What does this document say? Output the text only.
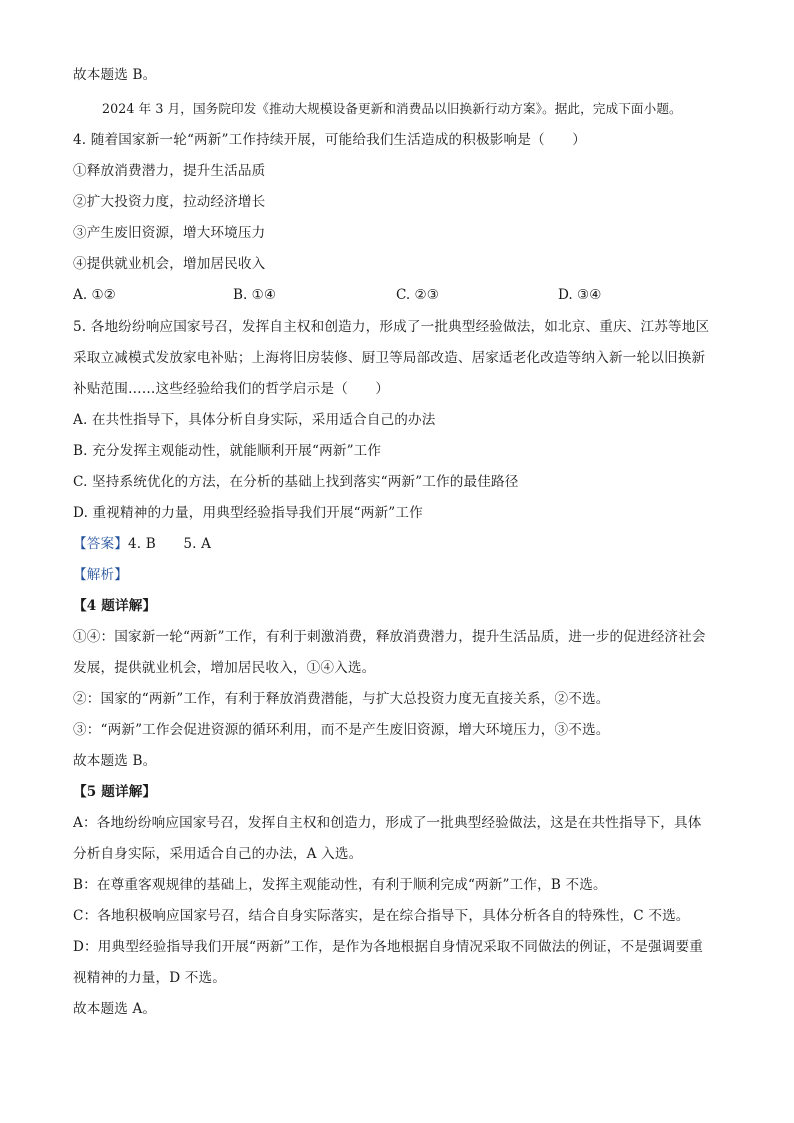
故本题选 B。
2024 年 3 月，国务院印发《推动大规模设备更新和消费品以旧换新行动方案》。据此，完成下面小题。
4. 随着国家新一轮“两新”工作持续开展，可能给我们生活造成的积极影响是（　　）
①释放消费潜力，提升生活品质
②扩大投资力度，拉动经济增长
③产生废旧资源，增大环境压力
④提供就业机会，增加居民收入
A. ①②	B. ①④	C. ②③	D. ③④
5. 各地纷纷响应国家号召，发挥自主权和创造力，形成了一批典型经验做法，如北京、重庆、江苏等地区
采取立减模式发放家电补贴；上海将旧房装修、厨卫等局部改造、居家适老化改造等纳入新一轮以旧换新
补贴范围……这些经验给我们的哲学启示是（　　）
A. 在共性指导下，具体分析自身实际，采用适合自己的办法
B. 充分发挥主观能动性，就能顺利开展“两新”工作
C. 坚持系统优化的方法，在分析的基础上找到落实“两新”工作的最佳路径
D. 重视精神的力量，用典型经验指导我们开展“两新”工作
【答案】4. B　　5. A
【解析】
【4 题详解】
①④：国家新一轮“两新”工作，有利于刺激消费，释放消费潜力，提升生活品质，进一步的促进经济社会
发展，提供就业机会，增加居民收入，①④入选。
②：国家的“两新”工作，有利于释放消费潜能，与扩大总投资力度无直接关系，②不选。
③：“两新”工作会促进资源的循环利用，而不是产生废旧资源，增大环境压力，③不选。
故本题选 B。
【5 题详解】
A：各地纷纷响应国家号召，发挥自主权和创造力，形成了一批典型经验做法，这是在共性指导下，具体
分析自身实际，采用适合自己的办法，A 入选。
B：在尊重客观规律的基础上，发挥主观能动性，有利于顺利完成“两新”工作，B 不选。
C：各地积极响应国家号召，结合自身实际落实，是在综合指导下，具体分析各自的特殊性，C 不选。
D：用典型经验指导我们开展“两新”工作，是作为各地根据自身情况采取不同做法的例证，不是强调要重
视精神的力量，D 不选。
故本题选 A。
